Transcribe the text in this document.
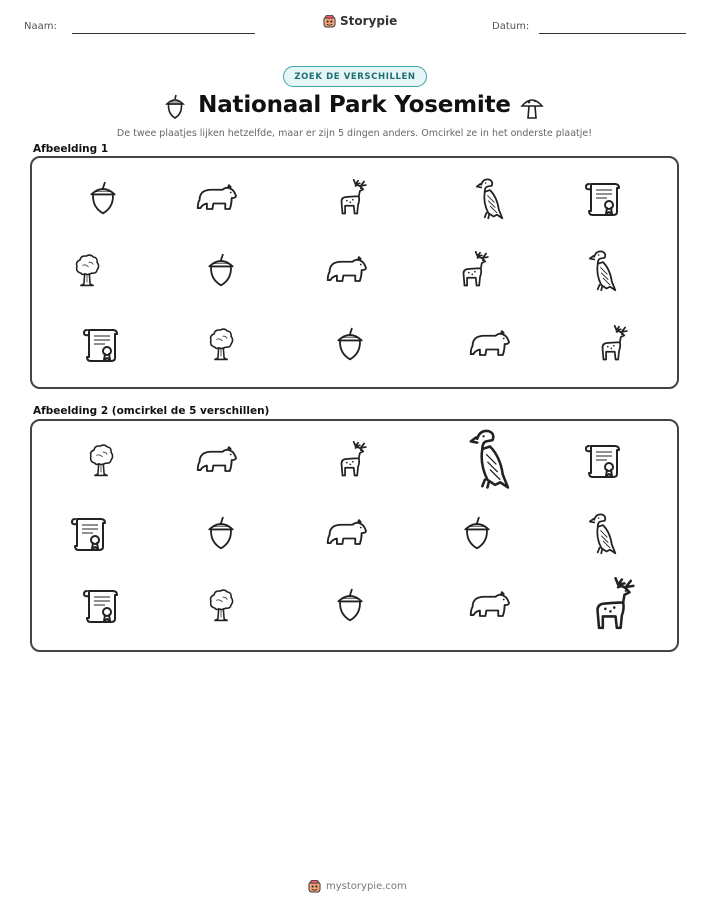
Naam:	Storypie	Datum:
ZOEK DE VERSCHILLEN
Nationaal Park Yosemite
De twee plaatjes lijken hetzelfde, maar er zijn 5 dingen anders. Omcirkel ze in het onderste plaatje!
Afbeelding 1
Afbeelding 2 (omcirkel de 5 verschillen)
mystorypie.com
